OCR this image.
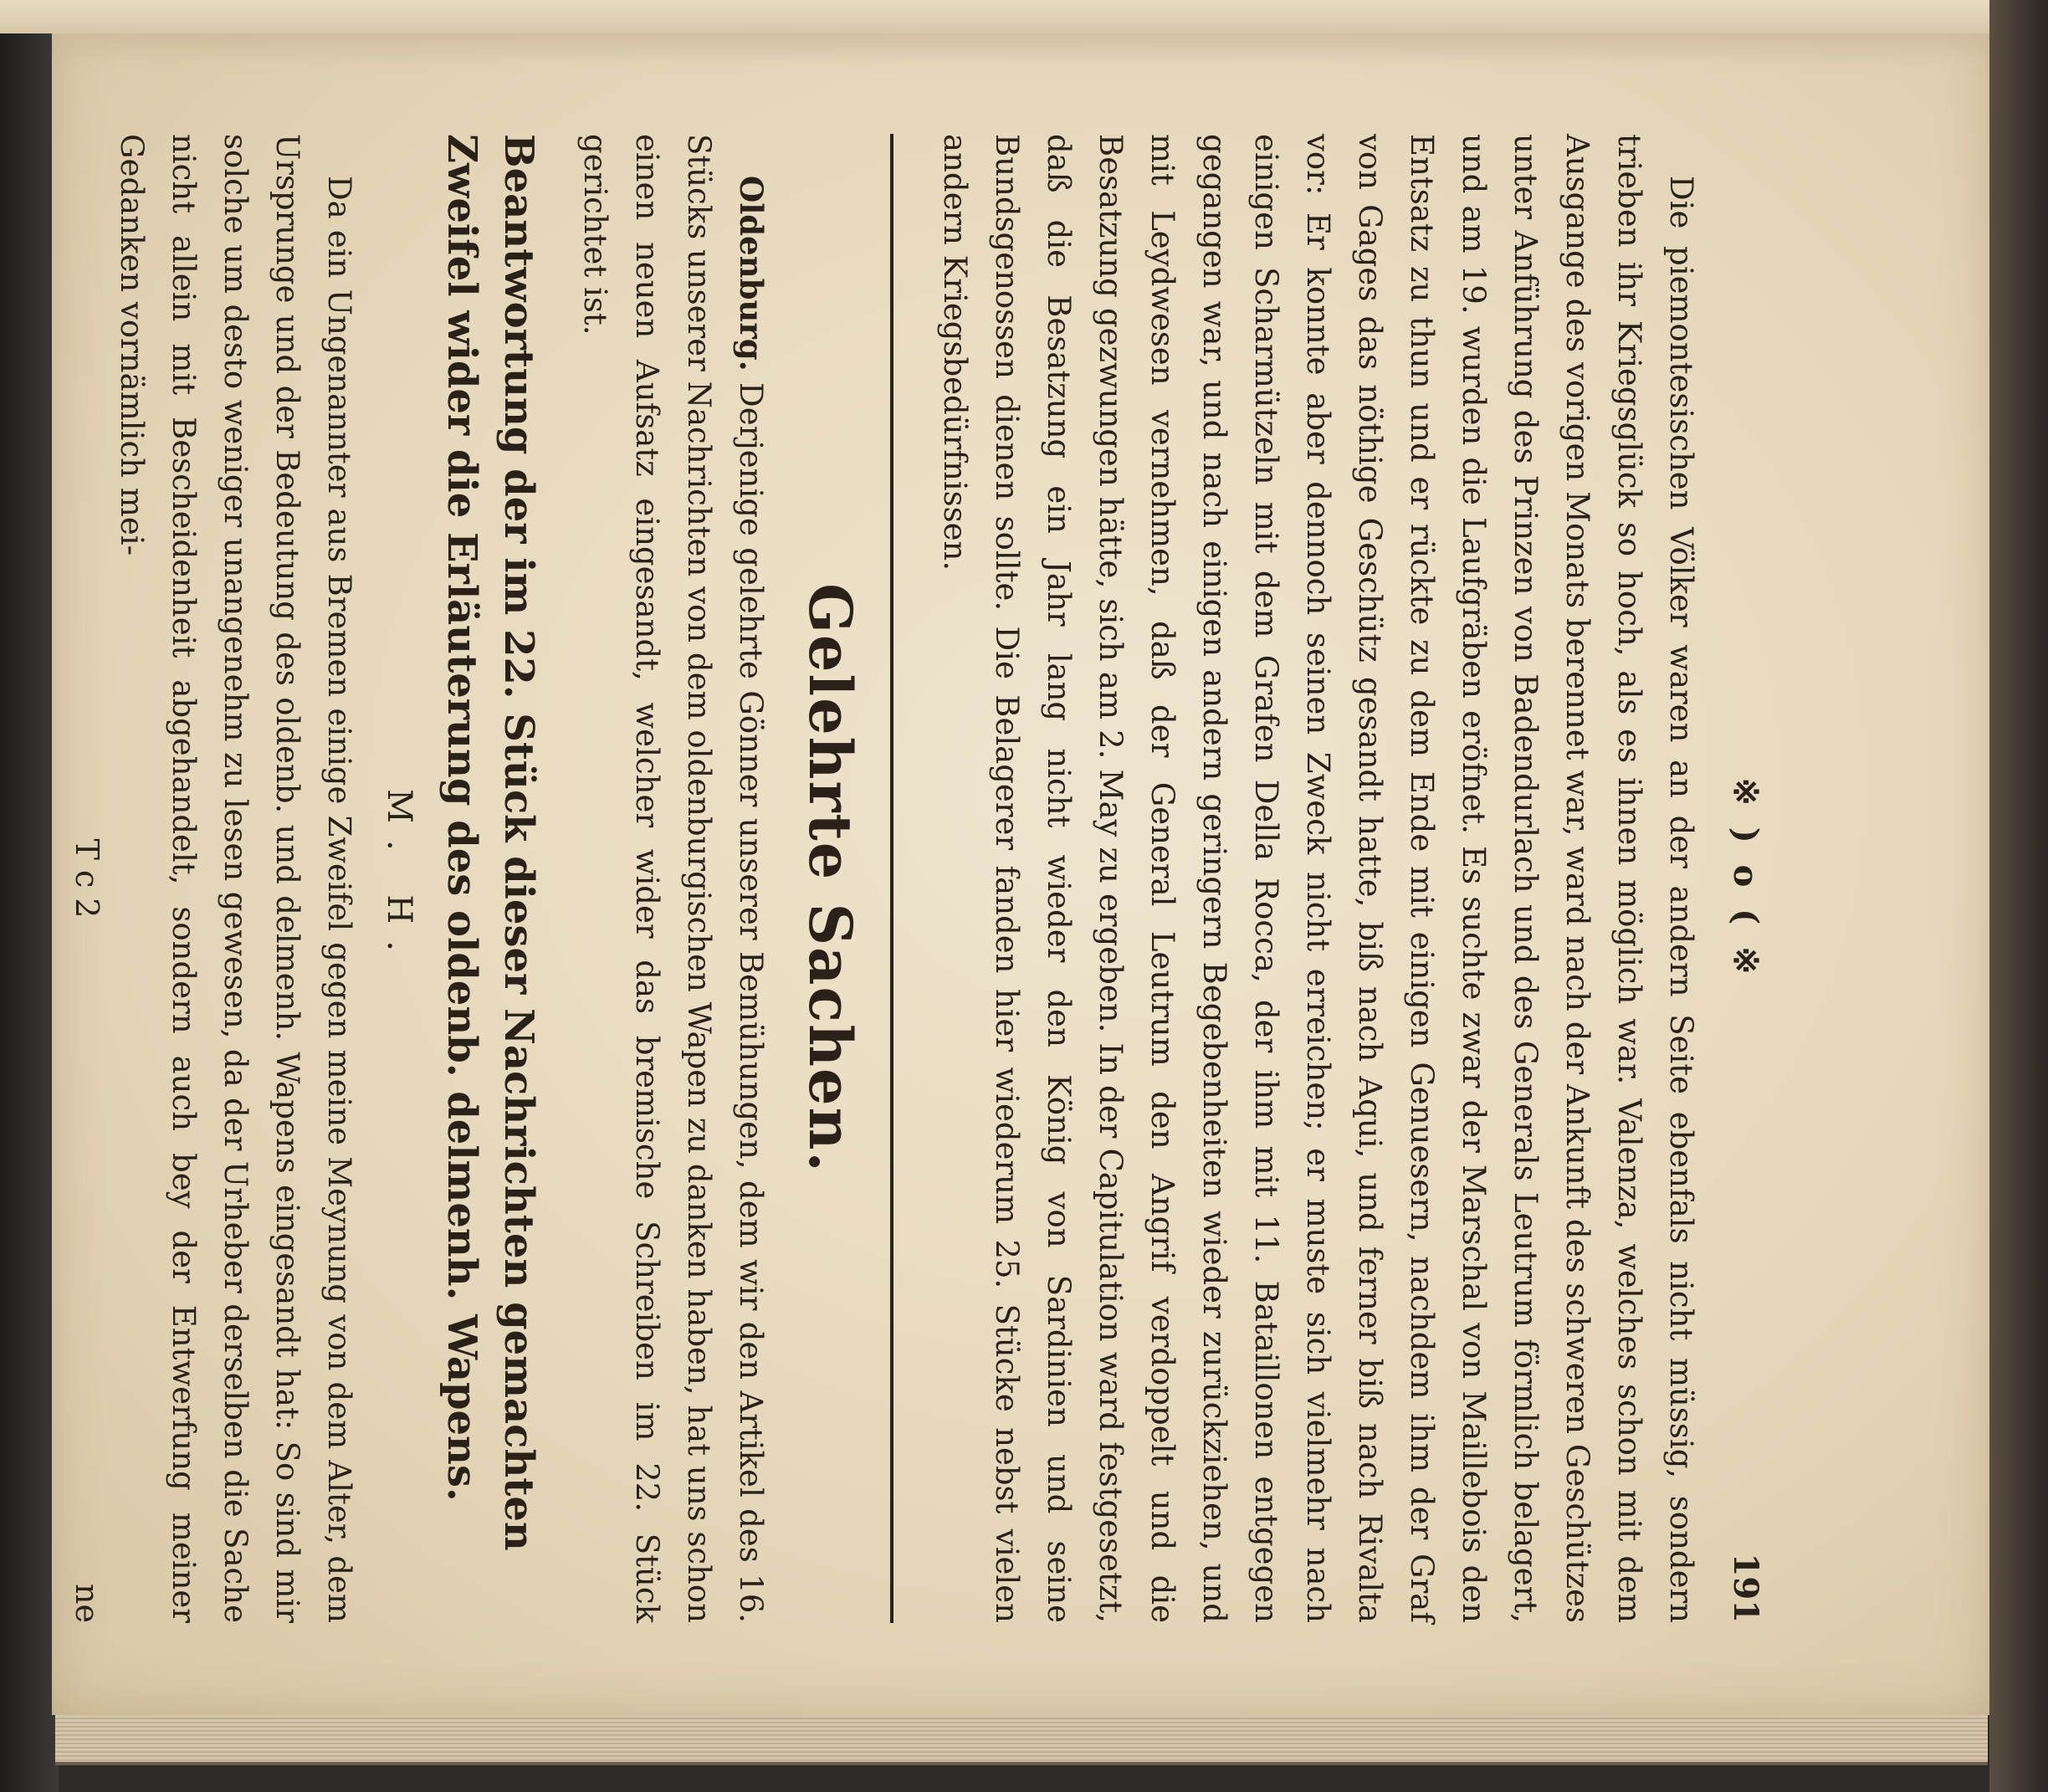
※ ) o ( ※
191

Die piemontesischen Völker waren an der andern Seite ebenfals nicht müssig, sondern trieben ihr Kriegsglück so hoch, als es ihnen möglich war. Valenza, welches schon mit dem Ausgange des vorigen Monats berennet war, ward nach der Ankunft des schweren Geschützes unter Anführung des Prinzen von Badendurlach und des Generals Leutrum förmlich belagert, und am 19. wurden die Laufgräben eröfnet. Es suchte zwar der Marschal von Maillebois den Entsatz zu thun und er rückte zu dem Ende mit einigen Genuesern, nachdem ihm der Graf von Gages das nöthige Geschütz gesandt hatte, biß nach Aqui, und ferner biß nach Rivalta vor: Er konnte aber dennoch seinen Zweck nicht erreichen; er muste sich vielmehr nach einigen Scharmützeln mit dem Grafen Della Rocca, der ihm mit 11. Bataillonen entgegen gegangen war, und nach einigen andern geringern Begebenheiten wieder zurückziehen, und mit Leydwesen vernehmen, daß der General Leutrum den Angrif verdoppelt und die Besatzung gezwungen hätte, sich am 2. May zu ergeben. In der Capitulation ward festgesetzt, daß die Besatzung ein Jahr lang nicht wieder den König von Sardinien und seine Bundsgenossen dienen sollte. Die Belagerer fanden hier wiederum 25. Stücke nebst vielen andern Kriegsbedürfnissen.

Gelehrte Sachen.

Oldenburg. Derjenige gelehrte Gönner unserer Bemühungen, dem wir den Artikel des 16. Stücks unserer Nachrichten von dem oldenburgischen Wapen zu danken haben, hat uns schon einen neuen Aufsatz eingesandt, welcher wider das bremische Schreiben im 22. Stück gerichtet ist.

Beantwortung der im 22. Stück dieser Nachrichten gemachten Zweifel wider die Erläuterung des oldenb. delmenh. Wapens.
M. H.

Da ein Ungenannter aus Bremen einige Zweifel gegen meine Meynung von dem Alter, dem Ursprunge und der Bedeutung des oldenb. und delmenh. Wapens eingesandt hat: So sind mir solche um desto weniger unangenehm zu lesen gewesen, da der Urheber derselben die Sache nicht allein mit Bescheidenheit abgehandelt, sondern auch bey der Entwerfung meiner Gedanken vornämlich mei-

T c 2
ne
